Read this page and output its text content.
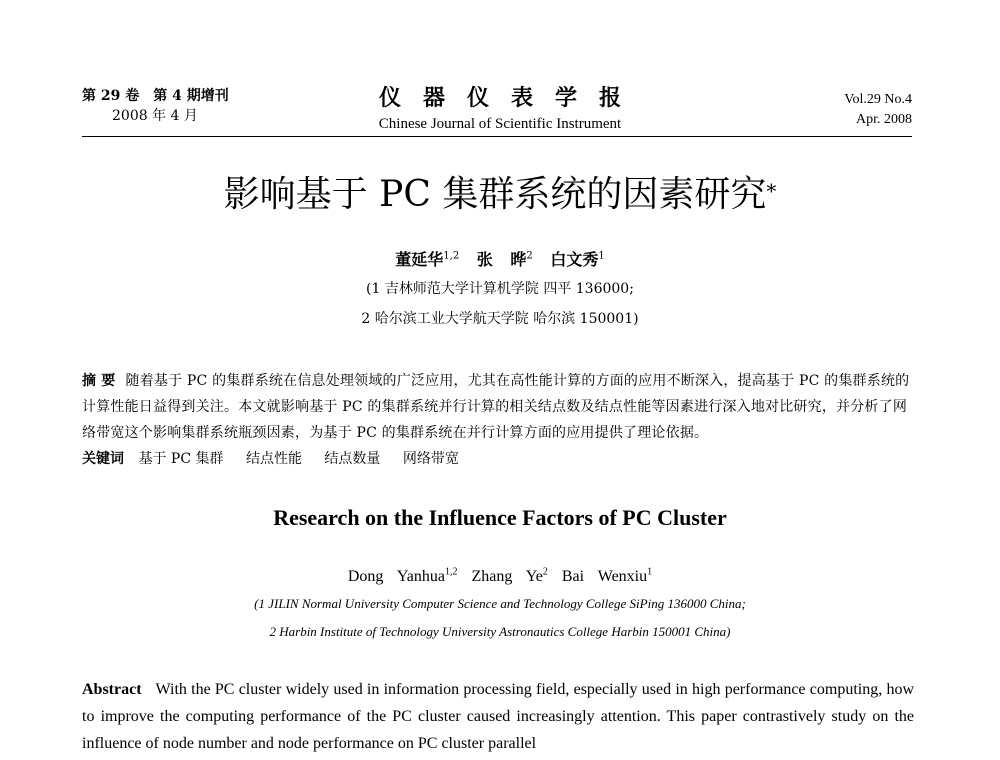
第 29 卷　第 4 期增刊
2008 年 4 月
仪器仪表学报
Chinese Journal of Scientific Instrument
Vol.29 No.4
Apr. 2008
影响基于 PC 集群系统的因素研究*
董延华$^{1,2}$ 张 晔$^2$ 白文秀$^1$
(1 吉林师范大学计算机学院 四平 136000;
2 哈尔滨工业大学航天学院 哈尔滨 150001)
摘 要 随着基于 PC 的集群系统在信息处理领域的广泛应用，尤其在高性能计算的方面的应用不断深入，提高基于 PC 的集群系统的计算性能日益得到关注。本文就影响基于 PC 的集群系统并行计算的相关结点数及结点性能等因素进行深入地对比研究，并分析了网络带宽这个影响集群系统瓶颈因素，为基于 PC 的集群系统在并行计算方面的应用提供了理论依据。
关键词 基于 PC 集群 结点性能 结点数量 网络带宽
Research on the Influence Factors of PC Cluster
Dong Yanhua$^{1,2}$ Zhang Ye$^2$ Bai Wenxiu$^1$
(1 JILIN Normal University Computer Science and Technology College SiPing 136000 China;
2 Harbin Institute of Technology University Astronautics College Harbin 150001 China)
Abstract With the PC cluster widely used in information processing field, especially used in high performance computing, how to improve the computing performance of the PC cluster caused increasingly attention. This paper contrastively study on the influence of node number and node performance on PC cluster parallel
